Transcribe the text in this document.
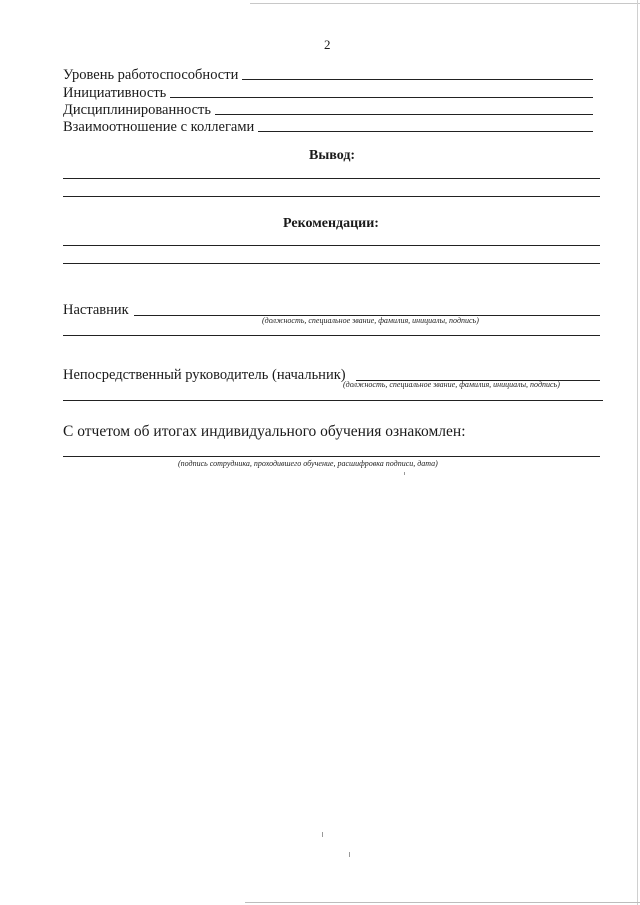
2
Уровень работоспособности
Инициативность
Дисциплинированность
Взаимоотношение с коллегами
Вывод:
Рекомендации:
Наставник
(должность, специальное звание, фамилия, инициалы, подпись)
Непосредственный руководитель (начальник)
(должность, специальное звание, фамилия, инициалы, подпись)
С отчетом об итогах индивидуального обучения ознакомлен:
(подпись сотрудника, проходившего обучение, расшифровка подписи, дата)
